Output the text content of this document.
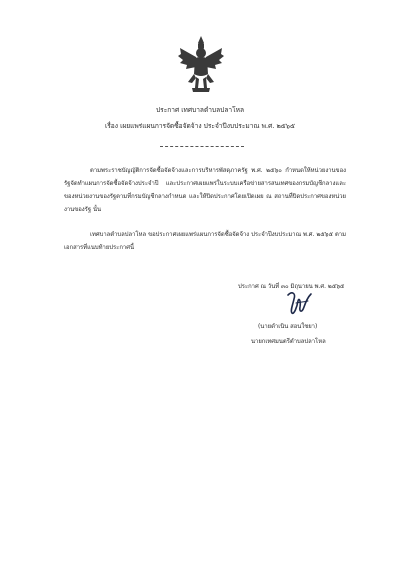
ประกาศ เทศบาลตำบลปลาโหล
เรื่อง เผยแพร่แผนการจัดซื้อจัดจ้าง ประจำปีงบประมาณ พ.ศ. ๒๕๖๕

ตามพระราชบัญญัติการจัดซื้อจัดจ้างและการบริหารพัสดุภาครัฐ พ.ศ. ๒๕๖๐ กำหนดให้หน่วยงานของรัฐจัดทำแผนการจัดซื้อจัดจ้างประจำปี และประกาศเผยแพร่ในระบบเครือข่ายสารสนเทศของกรมบัญชีกลางและของหน่วยงานของรัฐตามที่กรมบัญชีกลางกำหนด และให้ปิดประกาศโดยเปิดเผย ณ สถานที่ปิดประกาศของหน่วยงานของรัฐ นั้น

เทศบาลตำบลปลาโหล ขอประกาศเผยแพร่แผนการจัดซื้อจัดจ้าง ประจำปีงบประมาณ พ.ศ. ๒๕๖๕ ตามเอกสารที่แนบท้ายประกาศนี้

ประกาศ ณ วันที่ ๓๐ มิถุนายน พ.ศ. ๒๕๖๕
(นายดำเนิน สอนใชยา)
นายกเทศมนตรีตำบลปลาโหล
